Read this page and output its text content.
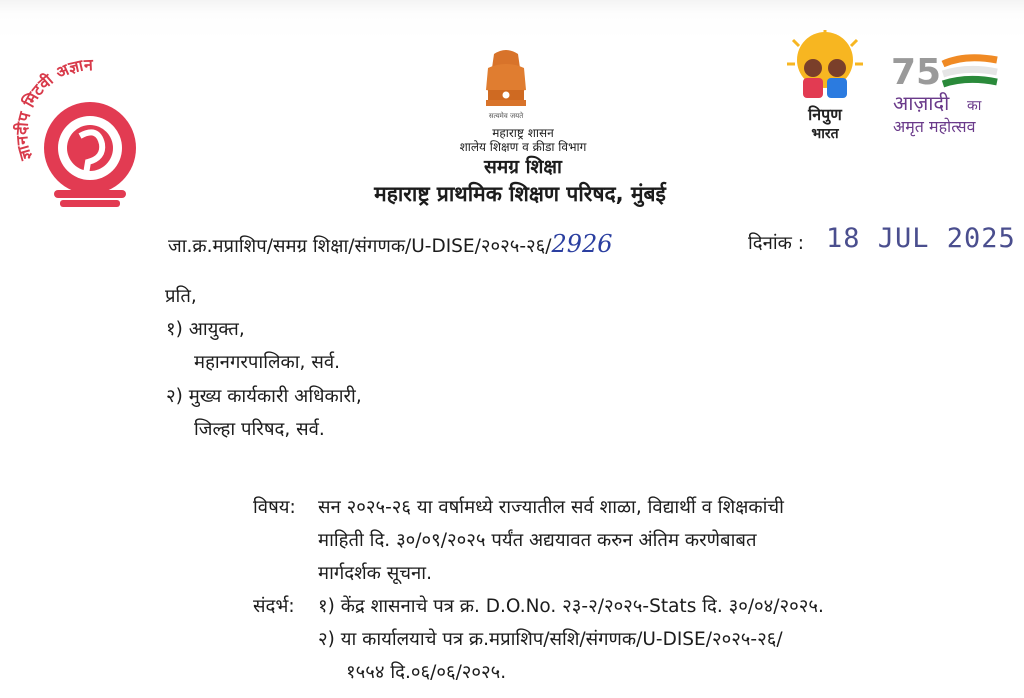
ज्ञानदीप मिटवी अज्ञान
सत्यमेव जयते
महाराष्ट्र शासन
शालेय शिक्षण व क्रीडा विभाग
समग्र शिक्षा
महाराष्ट्र प्राथमिक शिक्षण परिषद, मुंबई
निपुण
भारत
75
आज़ादी का
अमृत महोत्सव
जा.क्र.मप्राशिप/समग्र शिक्षा/संगणक/U-DISE/२०२५-२६/2926	दिनांक : 18 JUL 2025
प्रति,
१) आयुक्त,
महानगरपालिका, सर्व.
२) मुख्य कार्यकारी अधिकारी,
जिल्हा परिषद, सर्व.
विषय: सन २०२५-२६ या वर्षामध्ये राज्यातील सर्व शाळा, विद्यार्थी व शिक्षकांची
माहिती दि. ३०/०९/२०२५ पर्यंत अद्ययावत करुन अंतिम करणेबाबत
मार्गदर्शक सूचना.
संदर्भ: १) केंद्र शासनाचे पत्र क्र. D.O.No. २३-२/२०२५-Stats दि. ३०/०४/२०२५.
२) या कार्यालयाचे पत्र क्र.मप्राशिप/सशि/संगणक/U-DISE/२०२५-२६/
१५५४ दि.०६/०६/२०२५.
